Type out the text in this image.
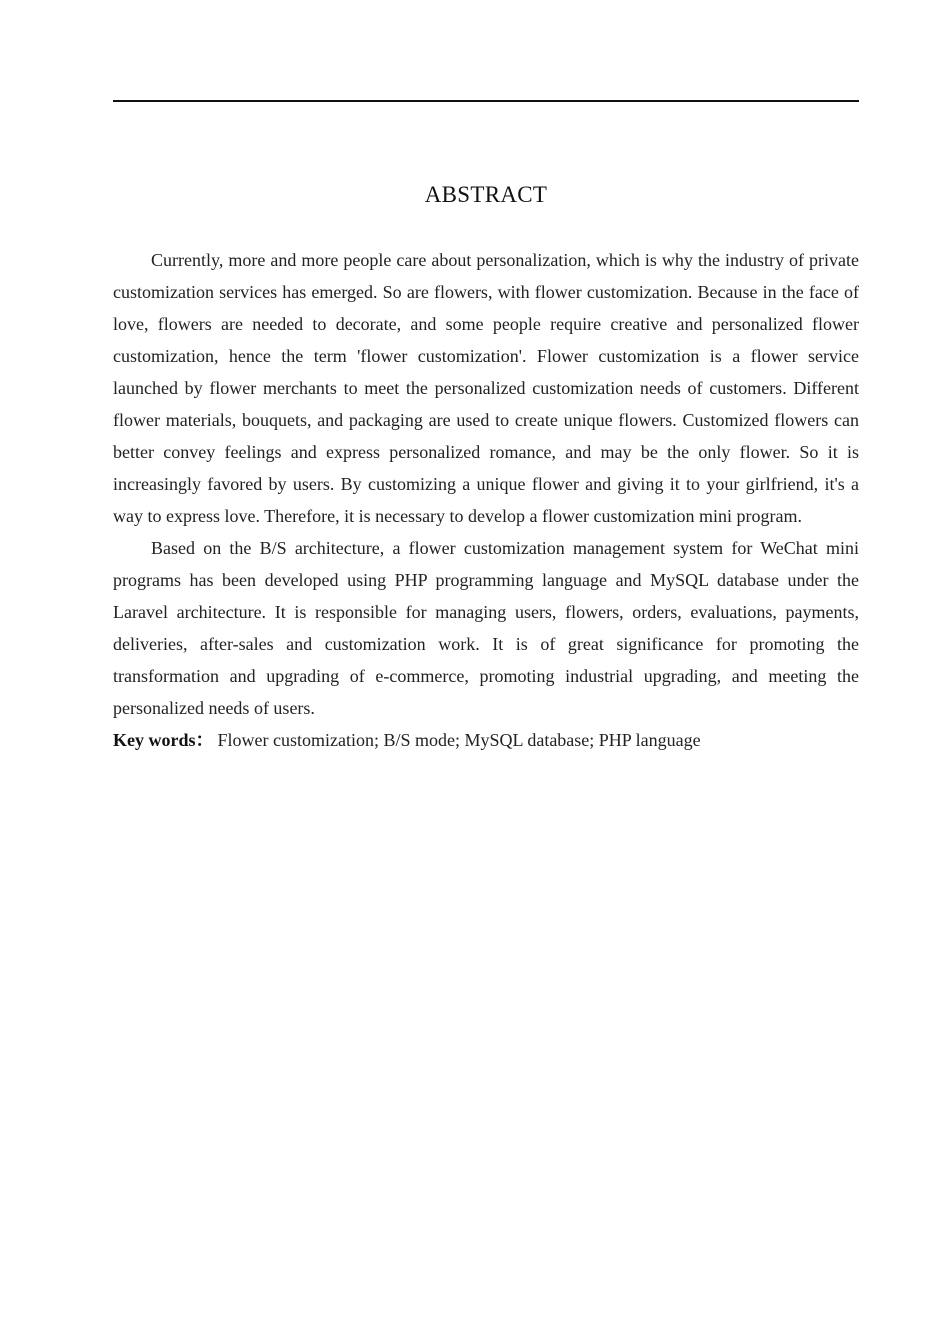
ABSTRACT

Currently, more and more people care about personalization, which is why the industry of private customization services has emerged. So are flowers, with flower customization. Because in the face of love, flowers are needed to decorate, and some people require creative and personalized flower customization, hence the term 'flower customization'. Flower customization is a flower service launched by flower merchants to meet the personalized customization needs of customers. Different flower materials, bouquets, and packaging are used to create unique flowers. Customized flowers can better convey feelings and express personalized romance, and may be the only flower. So it is increasingly favored by users. By customizing a unique flower and giving it to your girlfriend, it's a way to express love. Therefore, it is necessary to develop a flower customization mini program.

Based on the B/S architecture, a flower customization management system for WeChat mini programs has been developed using PHP programming language and MySQL database under the Laravel architecture. It is responsible for managing users, flowers, orders, evaluations, payments, deliveries, after-sales and customization work. It is of great significance for promoting the transformation and upgrading of e-commerce, promoting industrial upgrading, and meeting the personalized needs of users.

Key words： Flower customization; B/S mode; MySQL database; PHP language
